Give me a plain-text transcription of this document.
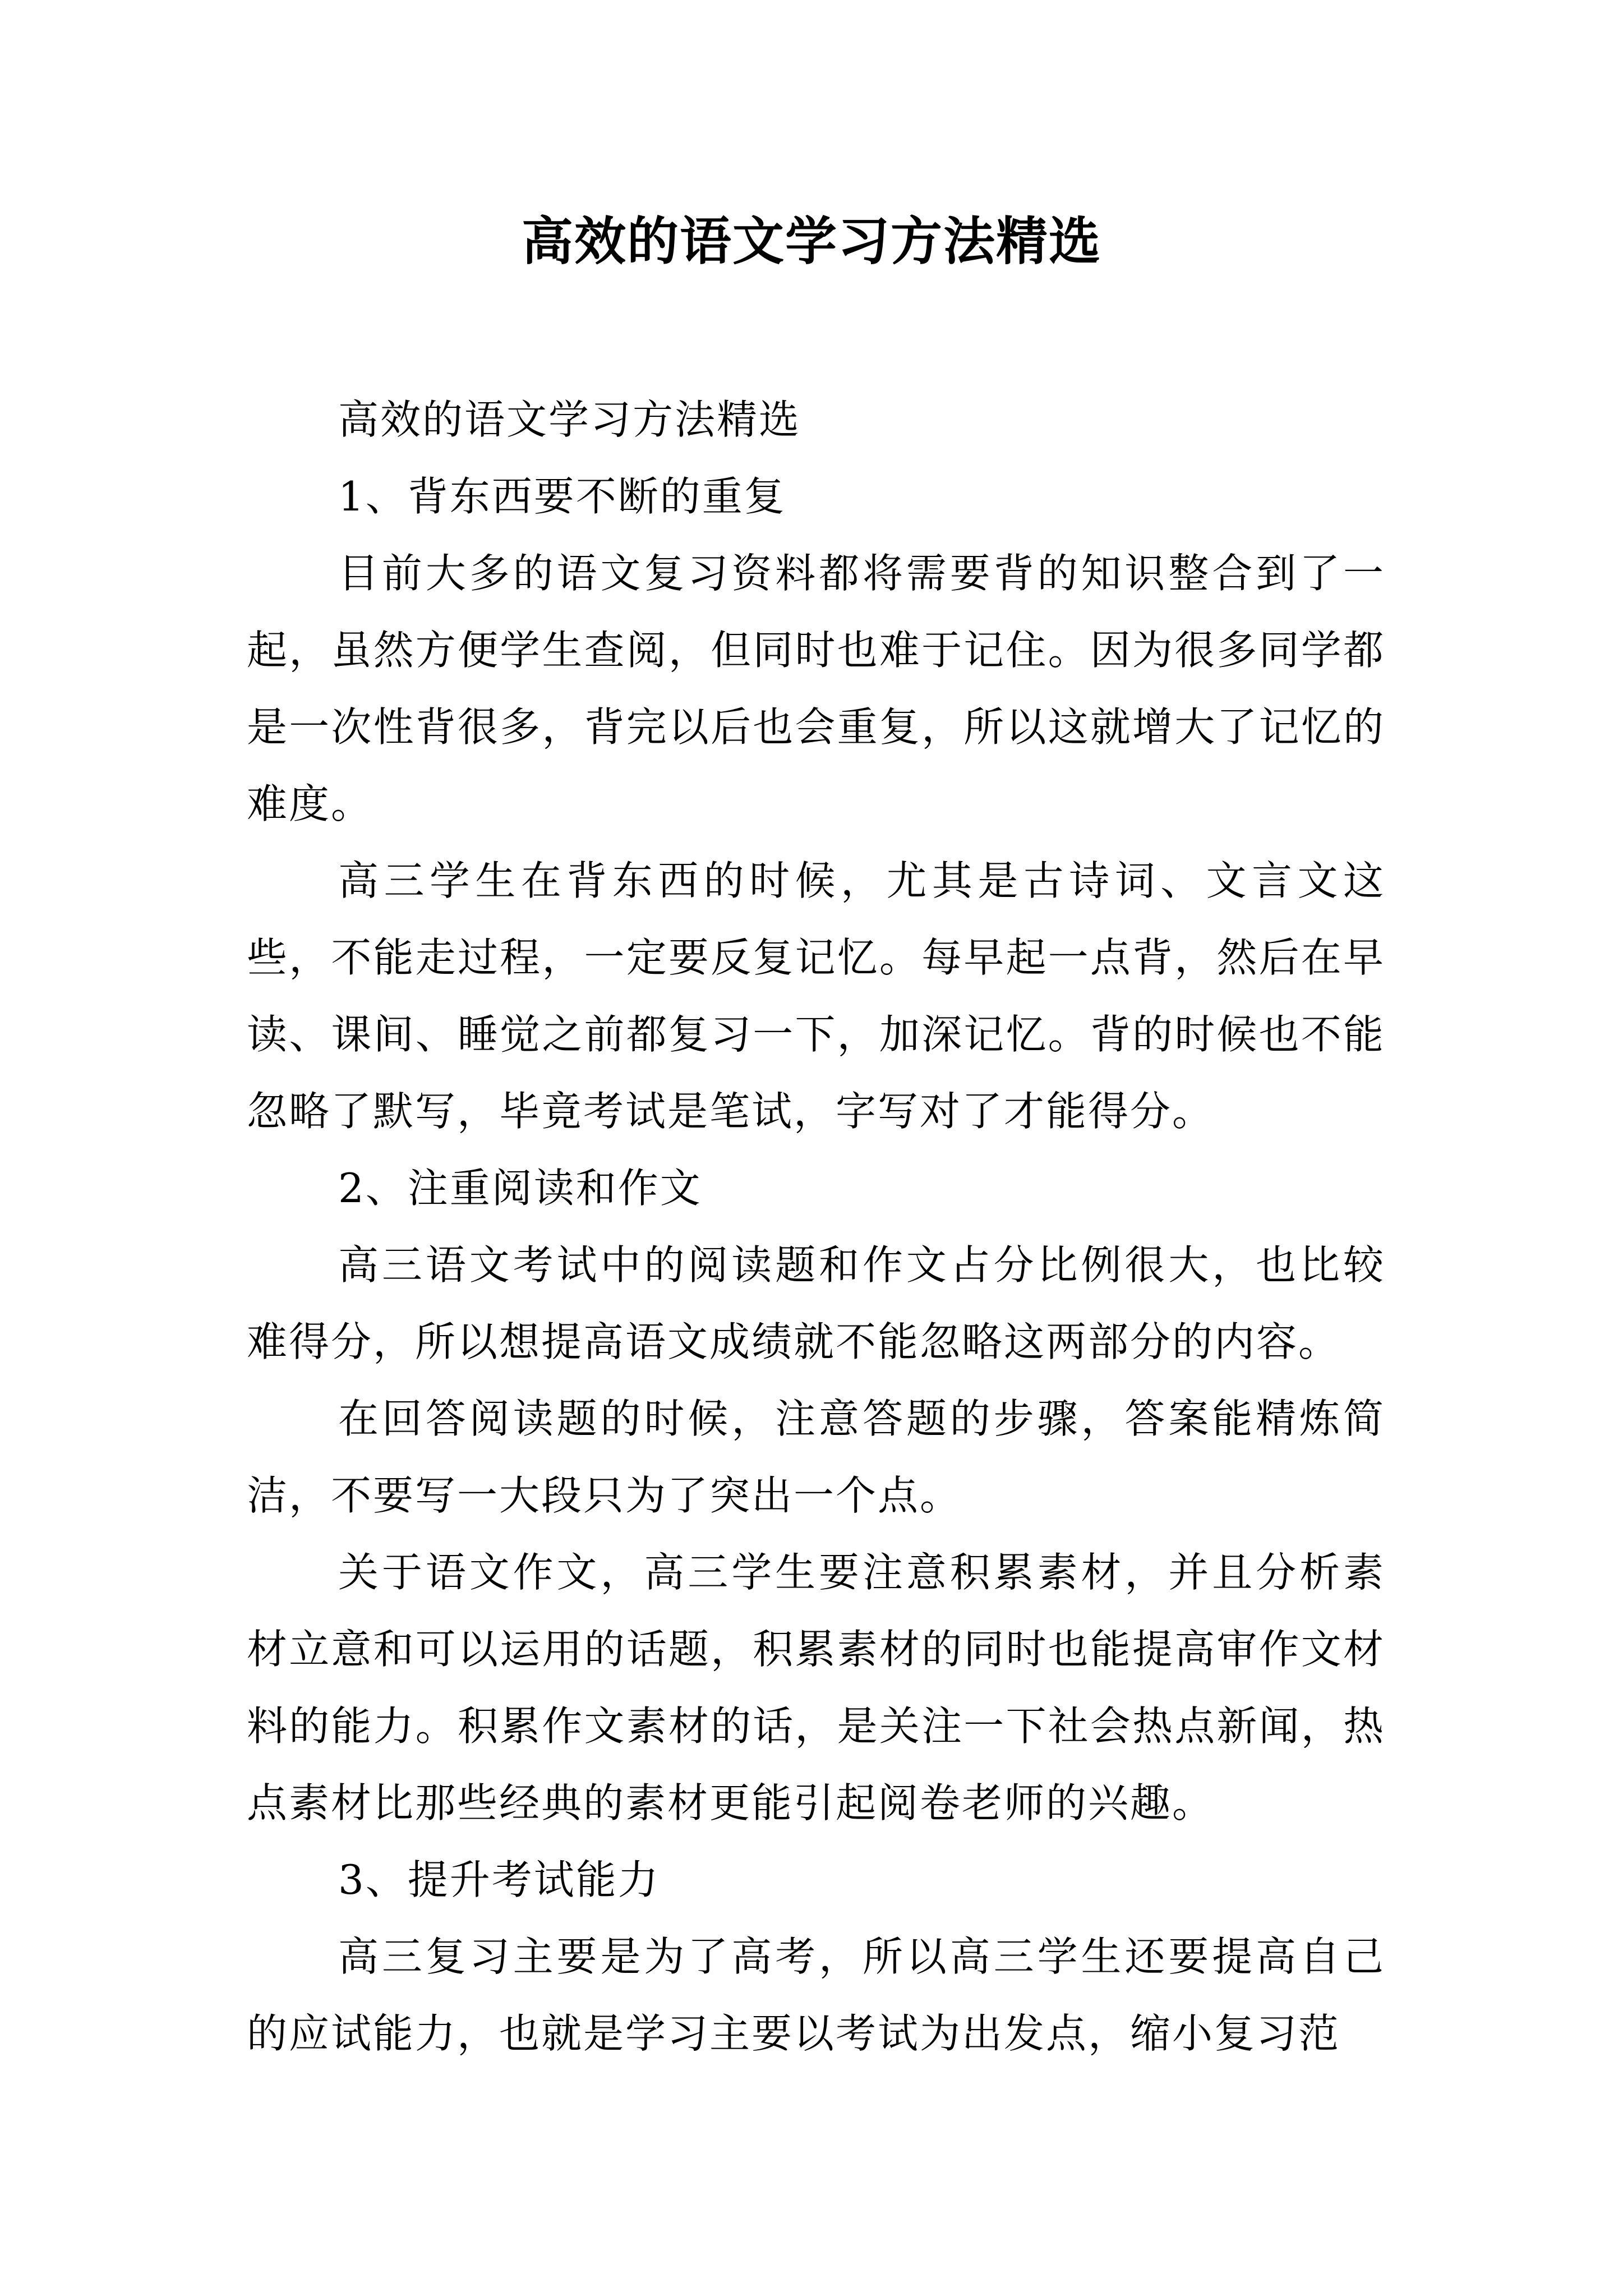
高效的语文学习方法精选

高效的语文学习方法精选

1、背东西要不断的重复

目前大多的语文复习资料都将需要背的知识整合到了一起，虽然方便学生查阅，但同时也难于记住。因为很多同学都是一次性背很多，背完以后也会重复，所以这就增大了记忆的难度。

高三学生在背东西的时候，尤其是古诗词、文言文这些，不能走过程，一定要反复记忆。每早起一点背，然后在早读、课间、睡觉之前都复习一下，加深记忆。背的时候也不能忽略了默写，毕竟考试是笔试，字写对了才能得分。

2、注重阅读和作文

高三语文考试中的阅读题和作文占分比例很大，也比较难得分，所以想提高语文成绩就不能忽略这两部分的内容。

在回答阅读题的时候，注意答题的步骤，答案能精炼简洁，不要写一大段只为了突出一个点。

关于语文作文，高三学生要注意积累素材，并且分析素材立意和可以运用的话题，积累素材的同时也能提高审作文材料的能力。积累作文素材的话，是关注一下社会热点新闻，热点素材比那些经典的素材更能引起阅卷老师的兴趣。

3、提升考试能力

高三复习主要是为了高考，所以高三学生还要提高自己的应试能力，也就是学习主要以考试为出发点，缩小复习范
